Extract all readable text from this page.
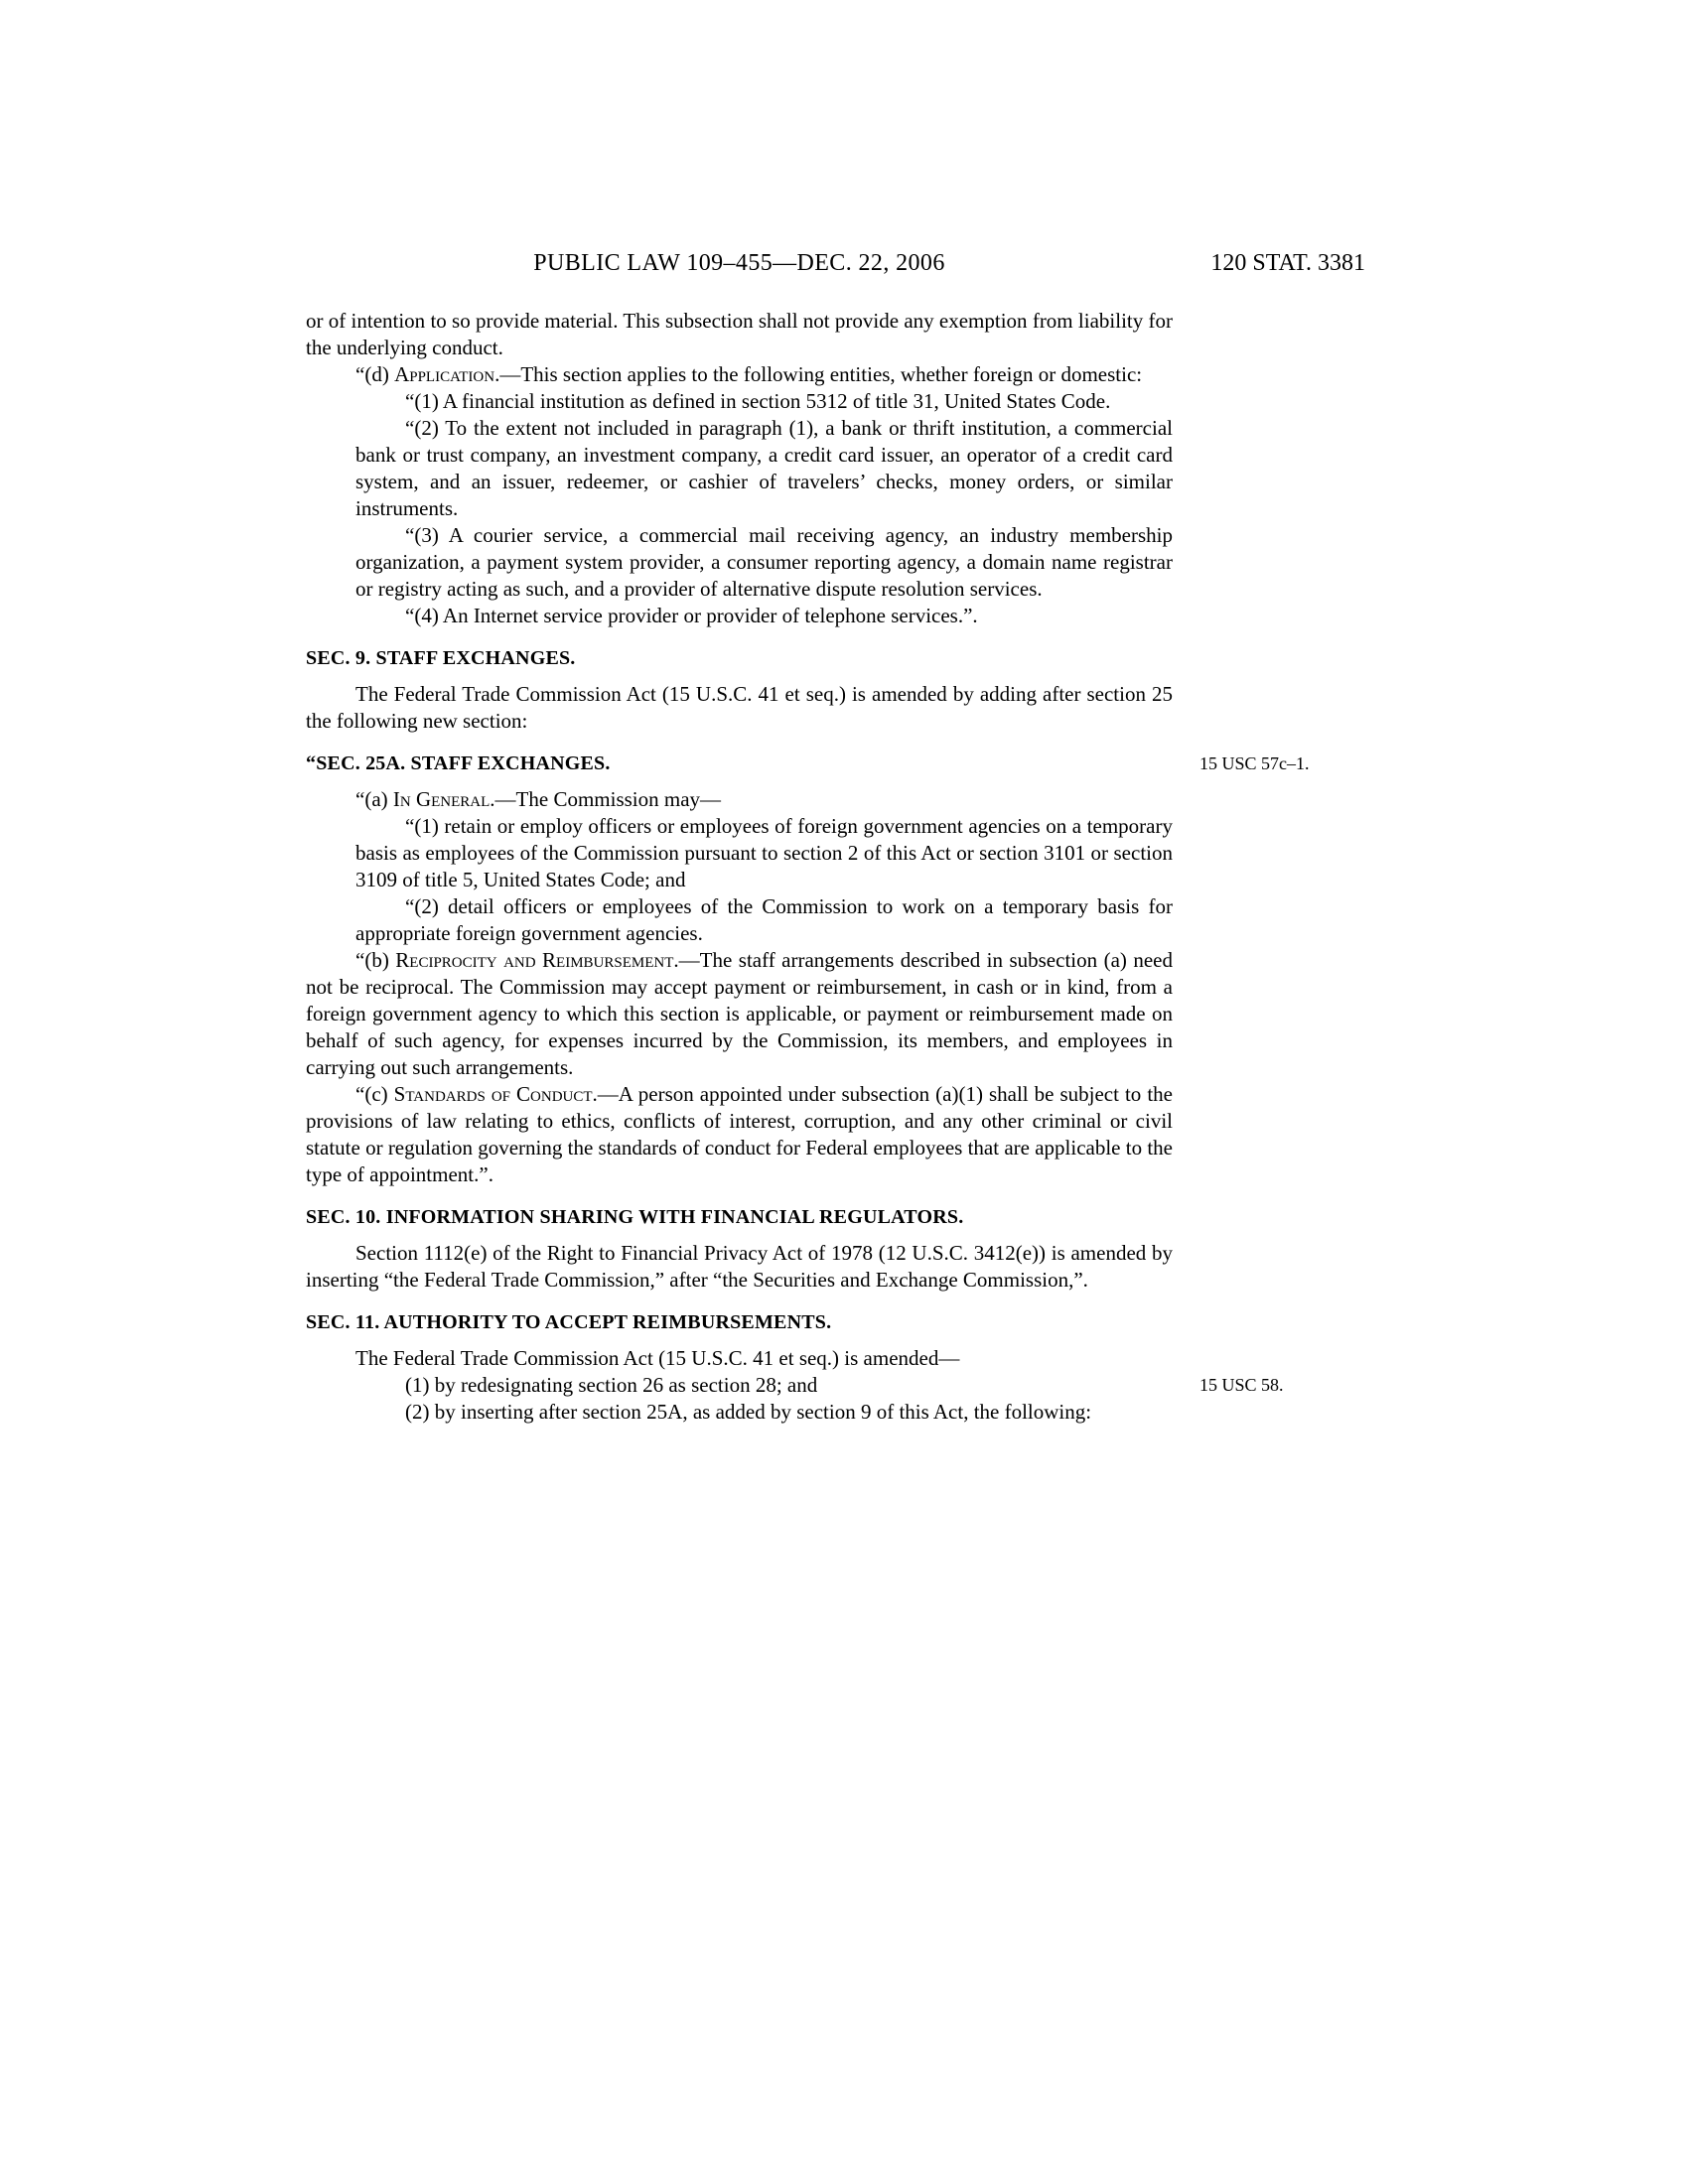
PUBLIC LAW 109–455—DEC. 22, 2006	120 STAT. 3381
or of intention to so provide material. This subsection shall not provide any exemption from liability for the underlying conduct.
“(d) Application.—This section applies to the following entities, whether foreign or domestic:
“(1) A financial institution as defined in section 5312 of title 31, United States Code.
“(2) To the extent not included in paragraph (1), a bank or thrift institution, a commercial bank or trust company, an investment company, a credit card issuer, an operator of a credit card system, and an issuer, redeemer, or cashier of travelers’ checks, money orders, or similar instruments.
“(3) A courier service, a commercial mail receiving agency, an industry membership organization, a payment system provider, a consumer reporting agency, a domain name registrar or registry acting as such, and a provider of alternative dispute resolution services.
“(4) An Internet service provider or provider of telephone services.”.
SEC. 9. STAFF EXCHANGES.
The Federal Trade Commission Act (15 U.S.C. 41 et seq.) is amended by adding after section 25 the following new section:
“SEC. 25A. STAFF EXCHANGES.	15 USC 57c–1.
“(a) In General.—The Commission may—
“(1) retain or employ officers or employees of foreign government agencies on a temporary basis as employees of the Commission pursuant to section 2 of this Act or section 3101 or section 3109 of title 5, United States Code; and
“(2) detail officers or employees of the Commission to work on a temporary basis for appropriate foreign government agencies.
“(b) Reciprocity and Reimbursement.—The staff arrangements described in subsection (a) need not be reciprocal. The Commission may accept payment or reimbursement, in cash or in kind, from a foreign government agency to which this section is applicable, or payment or reimbursement made on behalf of such agency, for expenses incurred by the Commission, its members, and employees in carrying out such arrangements.
“(c) Standards of Conduct.—A person appointed under subsection (a)(1) shall be subject to the provisions of law relating to ethics, conflicts of interest, corruption, and any other criminal or civil statute or regulation governing the standards of conduct for Federal employees that are applicable to the type of appointment.”.
SEC. 10. INFORMATION SHARING WITH FINANCIAL REGULATORS.
Section 1112(e) of the Right to Financial Privacy Act of 1978 (12 U.S.C. 3412(e)) is amended by inserting “the Federal Trade Commission,” after “the Securities and Exchange Commission,”.
SEC. 11. AUTHORITY TO ACCEPT REIMBURSEMENTS.
The Federal Trade Commission Act (15 U.S.C. 41 et seq.) is amended—
(1) by redesignating section 26 as section 28; and	15 USC 58.
(2) by inserting after section 25A, as added by section 9 of this Act, the following:
